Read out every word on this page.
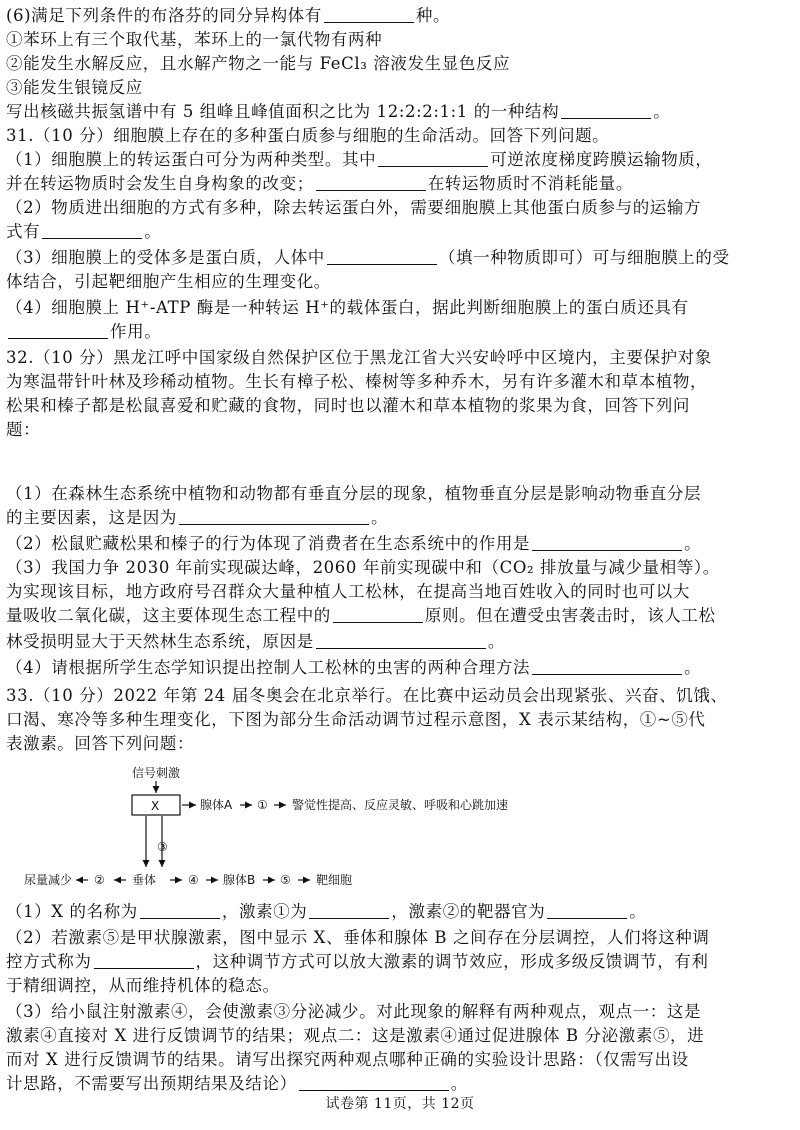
(6)满足下列条件的布洛芬的同分异构体有	种。
①苯环上有三个取代基，苯环上的一氯代物有两种
②能发生水解反应，且水解产物之一能与 FeCl₃ 溶液发生显色反应
③能发生银镜反应
写出核磁共振氢谱中有 5 组峰且峰值面积之比为 12:2:2:1:1 的一种结构	。
31.（10 分）细胞膜上存在的多种蛋白质参与细胞的生命活动。回答下列问题。
（1）细胞膜上的转运蛋白可分为两种类型。其中	可逆浓度梯度跨膜运输物质，
并在转运物质时会发生自身构象的改变；	在转运物质时不消耗能量。
（2）物质进出细胞的方式有多种，除去转运蛋白外，需要细胞膜上其他蛋白质参与的运输方
式有	。
（3）细胞膜上的受体多是蛋白质，人体中	（填一种物质即可）可与细胞膜上的受
体结合，引起靶细胞产生相应的生理变化。
（4）细胞膜上 H⁺-ATP 酶是一种转运 H⁺的载体蛋白，据此判断细胞膜上的蛋白质还具有
作用。
32.（10 分）黑龙江呼中国家级自然保护区位于黑龙江省大兴安岭呼中区境内，主要保护对象
为寒温带针叶林及珍稀动植物。生长有樟子松、榛树等多种乔木，另有许多灌木和草本植物，
松果和榛子都是松鼠喜爱和贮藏的食物，同时也以灌木和草本植物的浆果为食，回答下列问
题：
（1）在森林生态系统中植物和动物都有垂直分层的现象，植物垂直分层是影响动物垂直分层
的主要因素，这是因为	。
（2）松鼠贮藏松果和榛子的行为体现了消费者在生态系统中的作用是	。
（3）我国力争 2030 年前实现碳达峰，2060 年前实现碳中和（CO₂ 排放量与减少量相等）。
为实现该目标，地方政府号召群众大量种植人工松林，在提高当地百姓收入的同时也可以大
量吸收二氧化碳，这主要体现生态工程中的	原则。但在遭受虫害袭击时，该人工松
林受损明显大于天然林生态系统，原因是	。
（4）请根据所学生态学知识提出控制人工松林的虫害的两种合理方法	。
33.（10 分）2022 年第 24 届冬奥会在北京举行。在比赛中运动员会出现紧张、兴奋、饥饿、
口渴、寒冷等多种生理变化，下图为部分生命活动调节过程示意图，X 表示某结构，①~⑤代
表激素。回答下列问题：
信号刺激
X	腺体A ① 警觉性提高、反应灵敏、呼吸和心跳加速
③
尿量减少 ② 垂体	④ 腺体B ⑤ 靶细胞
（1）X 的名称为	，激素①为	，激素②的靶器官为	。
（2）若激素⑤是甲状腺激素，图中显示 X、垂体和腺体 B 之间存在分层调控，人们将这种调
控方式称为	，这种调节方式可以放大激素的调节效应，形成多级反馈调节，有利
于精细调控，从而维持机体的稳态。
（3）给小鼠注射激素④，会使激素③分泌减少。对此现象的解释有两种观点，观点一：这是
激素④直接对 X 进行反馈调节的结果；观点二：这是激素④通过促进腺体 B 分泌激素⑤，进
而对 X 进行反馈调节的结果。请写出探究两种观点哪种正确的实验设计思路：（仅需写出设
计思路，不需要写出预期结果及结论）	。
试卷第 11页，共 12页
